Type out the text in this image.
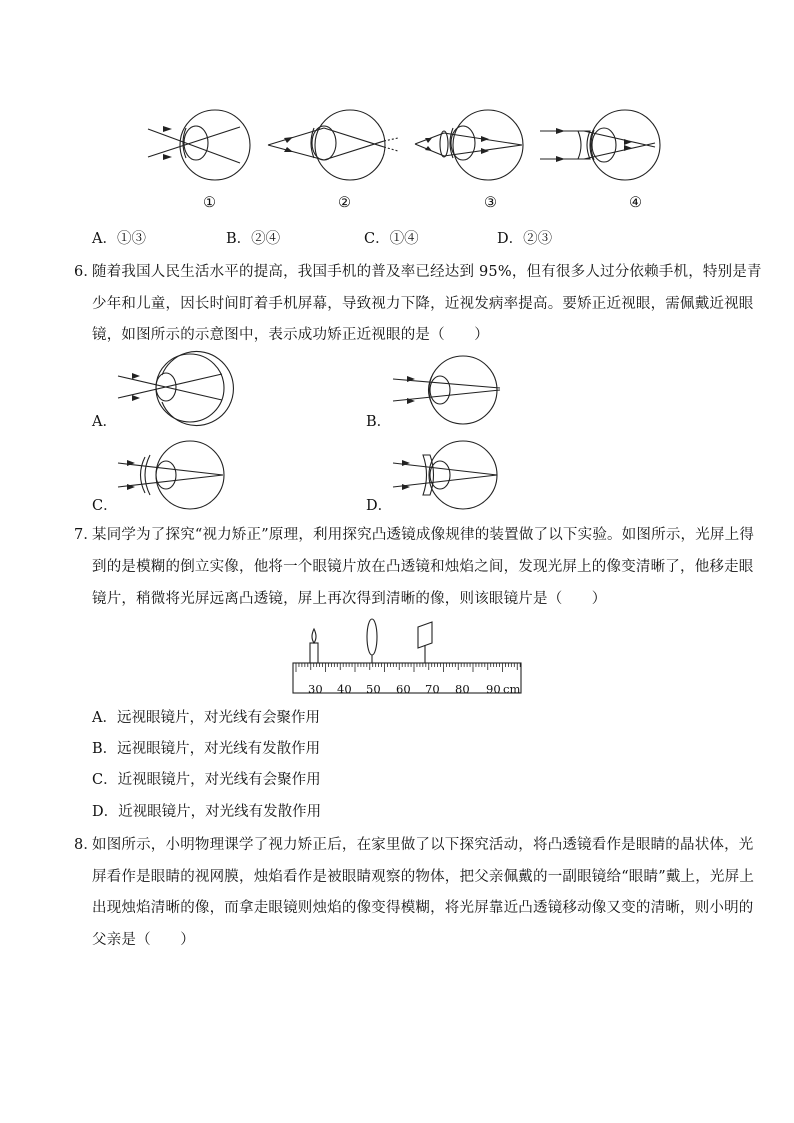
①	②	③	④
A．①③	B．②④	C．①④	D．②③
6．
随着我国人民生活水平的提高，我国手机的普及率已经达到 95%，但有很多人过分依赖手机，特别是青
少年和儿童，因长时间盯着手机屏幕，导致视力下降，近视发病率提高。要矫正近视眼，需佩戴近视眼
镜，如图所示的示意图中，表示成功矫正近视眼的是（　　）
A．	B．
C．	D．
7．
某同学为了探究“视力矫正”原理，利用探究凸透镜成像规律的装置做了以下实验。如图所示，光屏上得
到的是模糊的倒立实像，他将一个眼镜片放在凸透镜和烛焰之间，发现光屏上的像变清晰了，他移走眼
镜片，稍微将光屏远离凸透镜，屏上再次得到清晰的像，则该眼镜片是（　　）
30 40 50 60 70 80 90 cm
A．远视眼镜片，对光线有会聚作用
B．远视眼镜片，对光线有发散作用
C．近视眼镜片，对光线有会聚作用
D．近视眼镜片，对光线有发散作用
8．
如图所示，小明物理课学了视力矫正后，在家里做了以下探究活动，将凸透镜看作是眼睛的晶状体，光
屏看作是眼睛的视网膜，烛焰看作是被眼睛观察的物体，把父亲佩戴的一副眼镜给“眼睛”戴上，光屏上
出现烛焰清晰的像，而拿走眼镜则烛焰的像变得模糊，将光屏靠近凸透镜移动像又变的清晰，则小明的
父亲是（　　）
